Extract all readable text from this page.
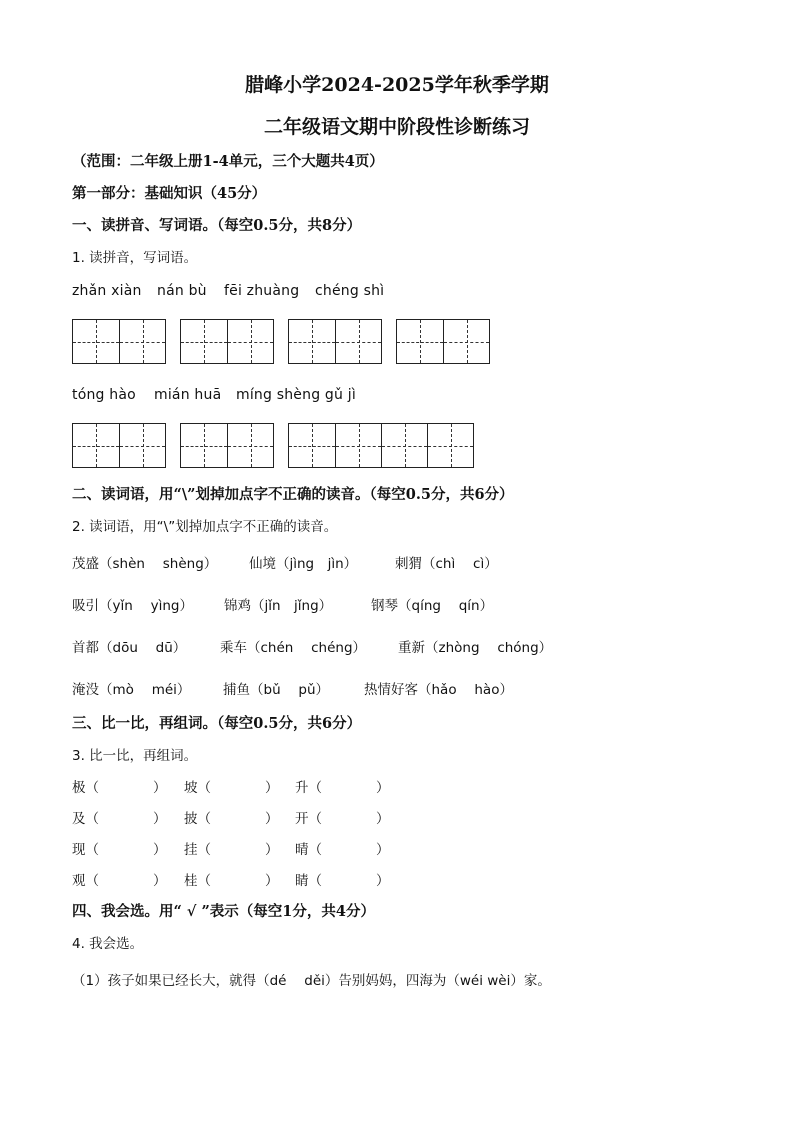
腊峰小学2024-2025学年秋季学期
二年级语文期中阶段性诊断练习
（范围：二年级上册1-4单元，三个大题共4页）
第一部分：基础知识（45分）
一、读拼音、写词语。（每空0.5分，共8分）
1. 读拼音，写词语。
zhǎn xiàn nán bù fēi zhuàng chéng shì
tóng hào mián huā míng shèng gǔ jì
二、读词语，用“\”划掉加点字不正确的读音。（每空0.5分，共6分）
2. 读词语，用“\”划掉加点字不正确的读音。
茂盛（shèn　 shèng） 仙境（jìng　jìn）	刺猬（chì　 cì）
吸引（yǐn　 yìng） 锦鸡（jǐn　jǐng）	钢琴（qíng　 qín）
首都（dōu　 dū） 乘车（chén　 chéng） 重新（zhòng　 chóng）
淹没（mò　 méi） 捕鱼（bǔ　 pǔ）	热情好客（hǎo　 hào）
三、比一比，再组词。（每空0.5分，共6分）
3. 比一比，再组词。
极（　　　　） 坡（　　　　） 升（　　　　）
及（　　　　） 披（　　　　） 开（　　　　）
现（　　　　） 挂（　　　　） 晴（　　　　）
观（　　　　） 桂（　　　　） 睛（　　　　）
四、我会选。用“ √ ”表示（每空1分，共4分）
4. 我会选。
（1）孩子如果已经长大，就得（dé　 děi）告别妈妈，四海为（wéi wèi）家。
